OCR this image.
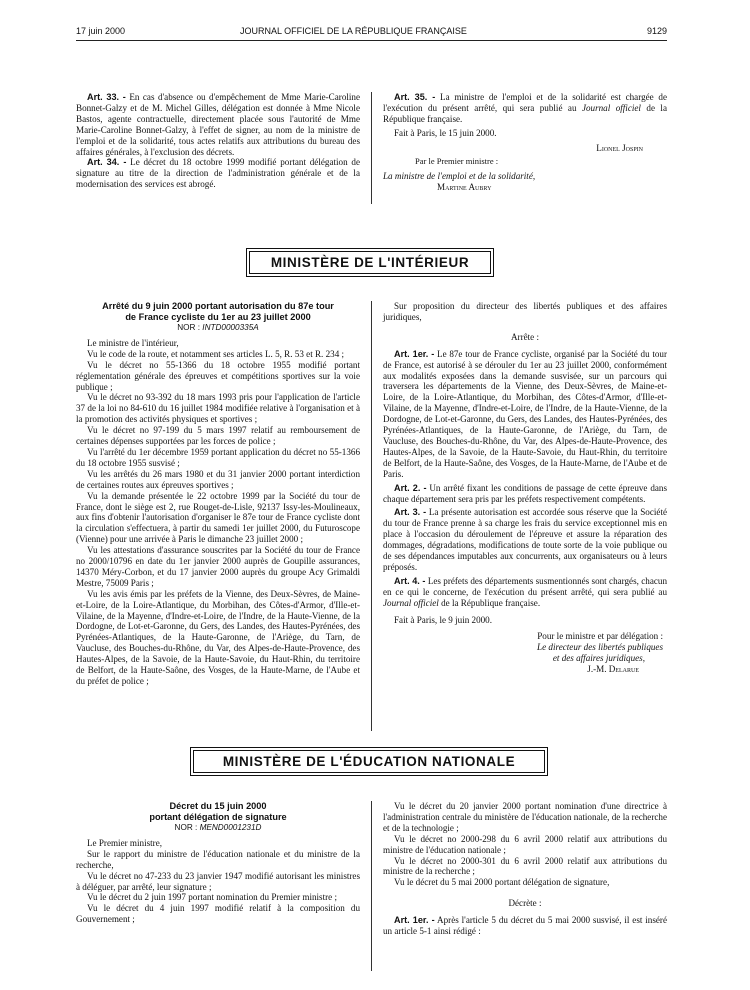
17 juin 2000	JOURNAL OFFICIEL DE LA RÉPUBLIQUE FRANÇAISE	9129

Art. 33. - En cas d'absence ou d'empêchement de Mme Marie-Caroline Bonnet-Galzy et de M. Michel Gilles, délégation est donnée à Mme Nicole Bastos, agente contractuelle, directement placée sous l'autorité de Mme Marie-Caroline Bonnet-Galzy, à l'effet de signer, au nom de la ministre de l'emploi et de la solidarité, tous actes relatifs aux attributions du bureau des affaires générales, à l'exclusion des décrets.

Art. 34. - Le décret du 18 octobre 1999 modifié portant délégation de signature au titre de la direction de l'administration générale et de la modernisation des services est abrogé.

Art. 35. - La ministre de l'emploi et de la solidarité est chargée de l'exécution du présent arrêté, qui sera publié au Journal officiel de la République française.

Fait à Paris, le 15 juin 2000.

Lionel Jospin

Par le Premier ministre :

La ministre de l'emploi et de la solidarité,

Martine Aubry

MINISTÈRE DE L'INTÉRIEUR
Arrêté du 9 juin 2000 portant autorisation du 87e tour
de France cycliste du 1er au 23 juillet 2000
NOR : INTD0000335A

Le ministre de l'intérieur,

Vu le code de la route, et notamment ses articles L. 5, R. 53 et R. 234 ;

Vu le décret no 55-1366 du 18 octobre 1955 modifié portant réglementation générale des épreuves et compétitions sportives sur la voie publique ;

Vu le décret no 93-392 du 18 mars 1993 pris pour l'application de l'article 37 de la loi no 84-610 du 16 juillet 1984 modifiée relative à l'organisation et à la promotion des activités physiques et sportives ;

Vu le décret no 97-199 du 5 mars 1997 relatif au remboursement de certaines dépenses supportées par les forces de police ;

Vu l'arrêté du 1er décembre 1959 portant application du décret no 55-1366 du 18 octobre 1955 susvisé ;

Vu les arrêtés du 26 mars 1980 et du 31 janvier 2000 portant interdiction de certaines routes aux épreuves sportives ;

Vu la demande présentée le 22 octobre 1999 par la Société du tour de France, dont le siège est 2, rue Rouget-de-Lisle, 92137 Issy-les-Moulineaux, aux fins d'obtenir l'autorisation d'organiser le 87e tour de France cycliste dont la circulation s'effectuera, à partir du samedi 1er juillet 2000, du Futuroscope (Vienne) pour une arrivée à Paris le dimanche 23 juillet 2000 ;

Vu les attestations d'assurance souscrites par la Société du tour de France no 2000/10796 en date du 1er janvier 2000 auprès de Goupille assurances, 14370 Méry-Corbon, et du 17 janvier 2000 auprès du groupe Acy Grimaldi Mestre, 75009 Paris ;

Vu les avis émis par les préfets de la Vienne, des Deux-Sèvres, de Maine-et-Loire, de la Loire-Atlantique, du Morbihan, des Côtes-d'Armor, d'Ille-et-Vilaine, de la Mayenne, d'Indre-et-Loire, de l'Indre, de la Haute-Vienne, de la Dordogne, de Lot-et-Garonne, du Gers, des Landes, des Hautes-Pyrénées, des Pyrénées-Atlantiques, de la Haute-Garonne, de l'Ariège, du Tarn, de Vaucluse, des Bouches-du-Rhône, du Var, des Alpes-de-Haute-Provence, des Hautes-Alpes, de la Savoie, de la Haute-Savoie, du Haut-Rhin, du territoire de Belfort, de la Haute-Saône, des Vosges, de la Haute-Marne, de l'Aube et du préfet de police ;

Sur proposition du directeur des libertés publiques et des affaires juridiques,

Arrête :

Art. 1er. - Le 87e tour de France cycliste, organisé par la Société du tour de France, est autorisé à se dérouler du 1er au 23 juillet 2000, conformément aux modalités exposées dans la demande susvisée, sur un parcours qui traversera les départements de la Vienne, des Deux-Sèvres, de Maine-et-Loire, de la Loire-Atlantique, du Morbihan, des Côtes-d'Armor, d'Ille-et-Vilaine, de la Mayenne, d'Indre-et-Loire, de l'Indre, de la Haute-Vienne, de la Dordogne, de Lot-et-Garonne, du Gers, des Landes, des Hautes-Pyrénées, des Pyrénées-Atlantiques, de la Haute-Garonne, de l'Ariège, du Tarn, de Vaucluse, des Bouches-du-Rhône, du Var, des Alpes-de-Haute-Provence, des Hautes-Alpes, de la Savoie, de la Haute-Savoie, du Haut-Rhin, du territoire de Belfort, de la Haute-Saône, des Vosges, de la Haute-Marne, de l'Aube et de Paris.

Art. 2. - Un arrêté fixant les conditions de passage de cette épreuve dans chaque département sera pris par les préfets respectivement compétents.

Art. 3. - La présente autorisation est accordée sous réserve que la Société du tour de France prenne à sa charge les frais du service exceptionnel mis en place à l'occasion du déroulement de l'épreuve et assure la réparation des dommages, dégradations, modifications de toute sorte de la voie publique ou de ses dépendances imputables aux concurrents, aux organisateurs ou à leurs préposés.

Art. 4. - Les préfets des départements susmentionnés sont chargés, chacun en ce qui le concerne, de l'exécution du présent arrêté, qui sera publié au Journal officiel de la République française.

Fait à Paris, le 9 juin 2000.

Pour le ministre et par délégation :

Le directeur des libertés publiques

et des affaires juridiques,

J.-M. Delarue

MINISTÈRE DE L'ÉDUCATION NATIONALE
Décret du 15 juin 2000
portant délégation de signature
NOR : MEND0001231D

Le Premier ministre,

Sur le rapport du ministre de l'éducation nationale et du ministre de la recherche,

Vu le décret no 47-233 du 23 janvier 1947 modifié autorisant les ministres à déléguer, par arrêté, leur signature ;

Vu le décret du 2 juin 1997 portant nomination du Premier ministre ;

Vu le décret du 4 juin 1997 modifié relatif à la composition du Gouvernement ;

Vu le décret du 20 janvier 2000 portant nomination d'une directrice à l'administration centrale du ministère de l'éducation nationale, de la recherche et de la technologie ;

Vu le décret no 2000-298 du 6 avril 2000 relatif aux attributions du ministre de l'éducation nationale ;

Vu le décret no 2000-301 du 6 avril 2000 relatif aux attributions du ministre de la recherche ;

Vu le décret du 5 mai 2000 portant délégation de signature,

Décrète :

Art. 1er. - Après l'article 5 du décret du 5 mai 2000 susvisé, il est inséré un article 5-1 ainsi rédigé :
